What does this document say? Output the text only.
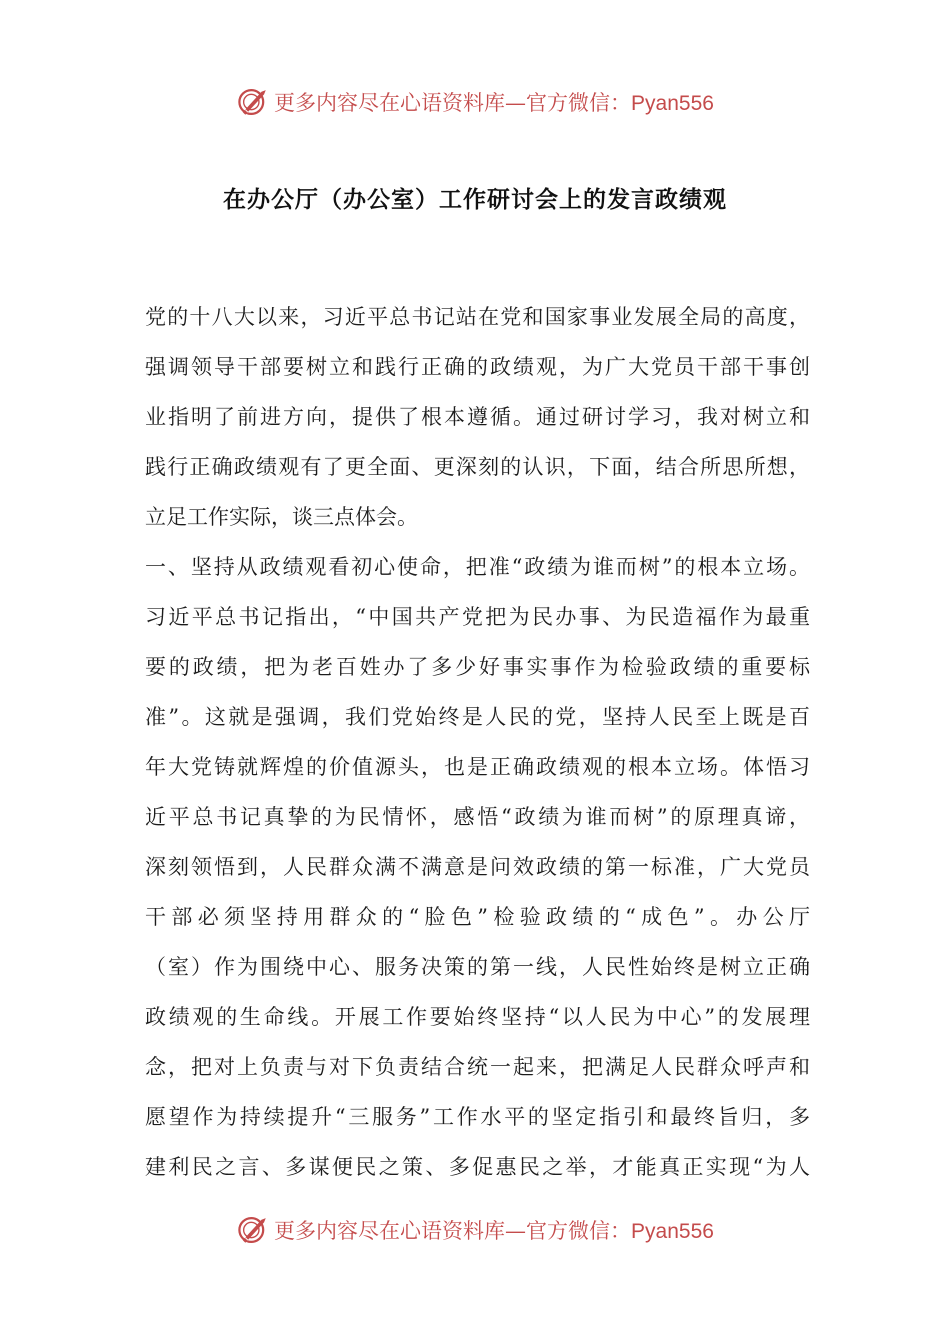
更多内容尽在心语资料库—官方微信：Pyan556
在办公厅（办公室）工作研讨会上的发言政绩观
党的十八大以来，习近平总书记站在党和国家事业发展全局的高度，
强调领导干部要树立和践行正确的政绩观，为广大党员干部干事创
业指明了前进方向，提供了根本遵循。通过研讨学习，我对树立和
践行正确政绩观有了更全面、更深刻的认识，下面，结合所思所想，
立足工作实际，谈三点体会。
一、坚持从政绩观看初心使命，把准“政绩为谁而树”的根本立场。
习近平总书记指出，“中国共产党把为民办事、为民造福作为最重
要的政绩，把为老百姓办了多少好事实事作为检验政绩的重要标
准”。这就是强调，我们党始终是人民的党，坚持人民至上既是百
年大党铸就辉煌的价值源头，也是正确政绩观的根本立场。体悟习
近平总书记真挚的为民情怀，感悟“政绩为谁而树”的原理真谛，
深刻领悟到，人民群众满不满意是问效政绩的第一标准，广大党员
干部必须坚持用群众的“脸色”检验政绩的“成色”。办公厅
（室）作为围绕中心、服务决策的第一线，人民性始终是树立正确
政绩观的生命线。开展工作要始终坚持“以人民为中心”的发展理
念，把对上负责与对下负责结合统一起来，把满足人民群众呼声和
愿望作为持续提升“三服务”工作水平的坚定指引和最终旨归，多
建利民之言、多谋便民之策、多促惠民之举，才能真正实现“为人
更多内容尽在心语资料库—官方微信：Pyan556
